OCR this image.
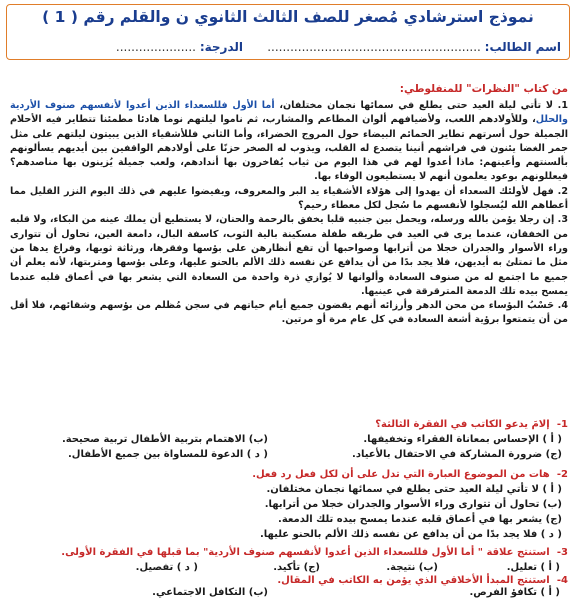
نموذج استرشادي مُصغر للصف الثالث الثانوي ن والقلم رقم ( 1 )
اسم الطالب: ........................................................
الدرجة: .....................
من كتاب "النظرات" للمنفلوطي:

1. لا تأتي ليلة العيد حتى يطلع في سمائها نجمان مختلفان، أما الأول فللسعداء الذين أعدوا لأنفسهم صنوف الأردية والحلل، وللأولادهم اللعب، ولأضيافهم ألوان المطاعم والمشارب، ثم ناموا ليلتهم نوما هادئا مطمئنا تتطاير فيه الأحلام الجميلة حول أسرتهم تطاير الحمائم البيضاء حول المروج الخضراء، وأما الثاني فللأشقياء الذين يبيتون ليلتهم على مثل جمر الغضا يئنون في فراشهم أنينا يتصدع له القلب، ويذوب له الصخر حزنًا على أولادهم الواقفين بين أيديهم يسألونهم بألسنتهم وأعينهم: ماذا أعدوا لهم في هذا اليوم من ثياب يُفاخرون بها أندادهم، ولعب جميلة يُزينون بها مناصدهم؟ فيعللونهم بوعود يعلمون أنهم لا يستطيعون الوفاء بها.

2. فهل لأولئك السعداء أن يهدوا إلى هؤلاء الأشقياء يد البر والمعروف، ويفيضوا عليهم في ذلك اليوم النزر القليل مما أعطاهم الله ليُسجلوا لأنفسهم ما سُجل لكل معطاء رحيم؟

3. إن رجلا يؤمن بالله ورسله، ويحمل بين جنبيه قلبا يخفق بالرحمة والحنان، لا يستطيع أن يملك عينه من البكاء، ولا قلبه من الخفقان، عندما يرى في العيد في طريقه طفلة مسكينة بالية الثوب، كاسفة البال، دامعة العين، تحاول أن تتوارى وراء الأسوار والجدران خجلا من أترابها وصواحبها أن تقع أنظارهن على بؤسها وفقرها، ورثاثة ثوبها، وفراغ يدها من مثل ما تمتلئ به أيديهن، فلا يجد بدًا من أن يدافع عن نفسه ذلك الألم بالحنو عليها، وعلى بؤسها ومتربتها، لأنه يعلم أن جميع ما اجتمع له من صنوف السعادة وألوانها لا يُوازي ذرة واحدة من السعادة التي يشعر بها في أعماق قلبه عندما يمسح بيده تلك الدمعة المترقرقة في عينيها.

4. حَسْبُ البؤساء من محن الدهر وأرزائه أنهم يقضون جميع أيام حياتهم في سجن مُظلم من بؤسهم وشقائهم، فلا أقل من أن يتمتعوا برؤية أشعة السعادة في كل عام مرة أو مرتين.

1- إلامَ يدعو الكاتب في الفقرة الثالثة؟
( أ ) الإحساس بمعاناة الفقراء وتخفيفها.
(ب) الاهتمام بتربية الأطفال تربية صحيحة.
(ج) ضرورة المشاركة في الاحتفال بالأعياد.
( د ) الدعوة للمساواة بين جميع الأطفال.
2- هات من الموضوع العبارة التي تدل على أن لكل فعل رد فعل.
( أ ) لا تأتي ليلة العيد حتى يطلع في سمائها نجمان مختلفان.
(ب) تحاول أن تتوارى وراء الأسوار والجدران خجلا من أترابها.
(ج) يشعر بها في أعماق قلبه عندما يمسح بيده تلك الدمعة.
( د ) فلا يجد بدًا من أن يدافع عن نفسه ذلك الألم بالحنو عليها.
3- استنتج علاقة " أما الأول فللسعداء الذين أعدوا لأنفسهم صنوف الأردية" بما قبلها في الفقرة الأولى.
( أ ) تعليل.
(ب) نتيجة.
(ج) تأكيد.
( د ) تفصيل.
4- استنتج المبدأ الأخلاقي الذي يؤمن به الكاتب في المقال.
( أ ) تكافؤ الفرص.
(ب) التكافل الاجتماعي.
